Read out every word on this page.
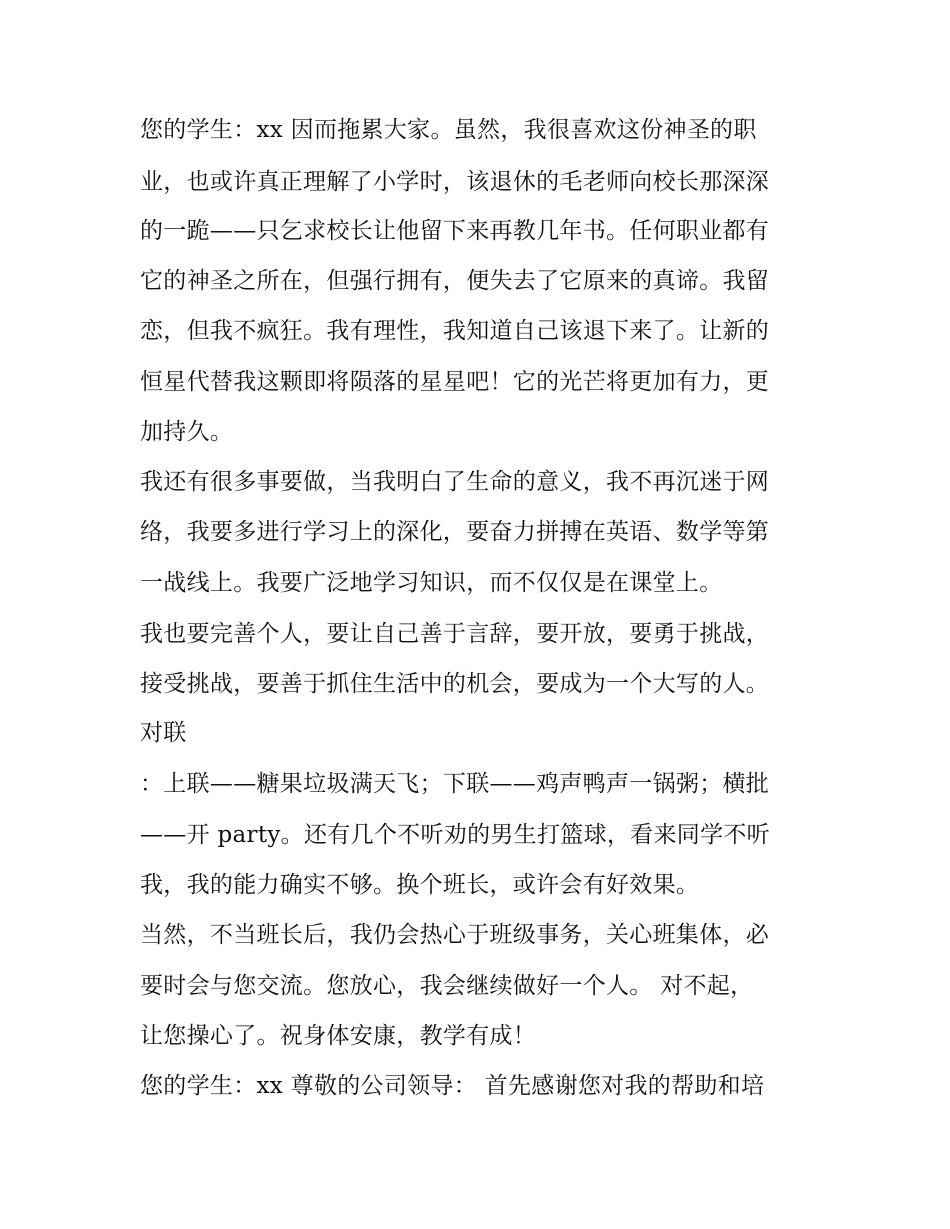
您的学生：xx 因而拖累大家。虽然，我很喜欢这份神圣的职
业，也或许真正理解了小学时，该退休的毛老师向校长那深深
的一跪——只乞求校长让他留下来再教几年书。任何职业都有
它的神圣之所在，但强行拥有，便失去了它原来的真谛。我留
恋，但我不疯狂。我有理性，我知道自己该退下来了。让新的
恒星代替我这颗即将陨落的星星吧！它的光芒将更加有力，更
加持久。
我还有很多事要做，当我明白了生命的意义，我不再沉迷于网
络，我要多进行学习上的深化，要奋力拼搏在英语、数学等第
一战线上。我要广泛地学习知识，而不仅仅是在课堂上。
我也要完善个人，要让自己善于言辞，要开放，要勇于挑战，
接受挑战，要善于抓住生活中的机会，要成为一个大写的人。
对联
：上联——糖果垃圾满天飞；下联——鸡声鸭声一锅粥；横批
——开 party。还有几个不听劝的男生打篮球，看来同学不听
我，我的能力确实不够。换个班长，或许会有好效果。
当然，不当班长后，我仍会热心于班级事务，关心班集体，必
要时会与您交流。您放心，我会继续做好一个人。 对不起，
让您操心了。祝身体安康，教学有成！
您的学生：xx 尊敬的公司领导： 首先感谢您对我的帮助和培
